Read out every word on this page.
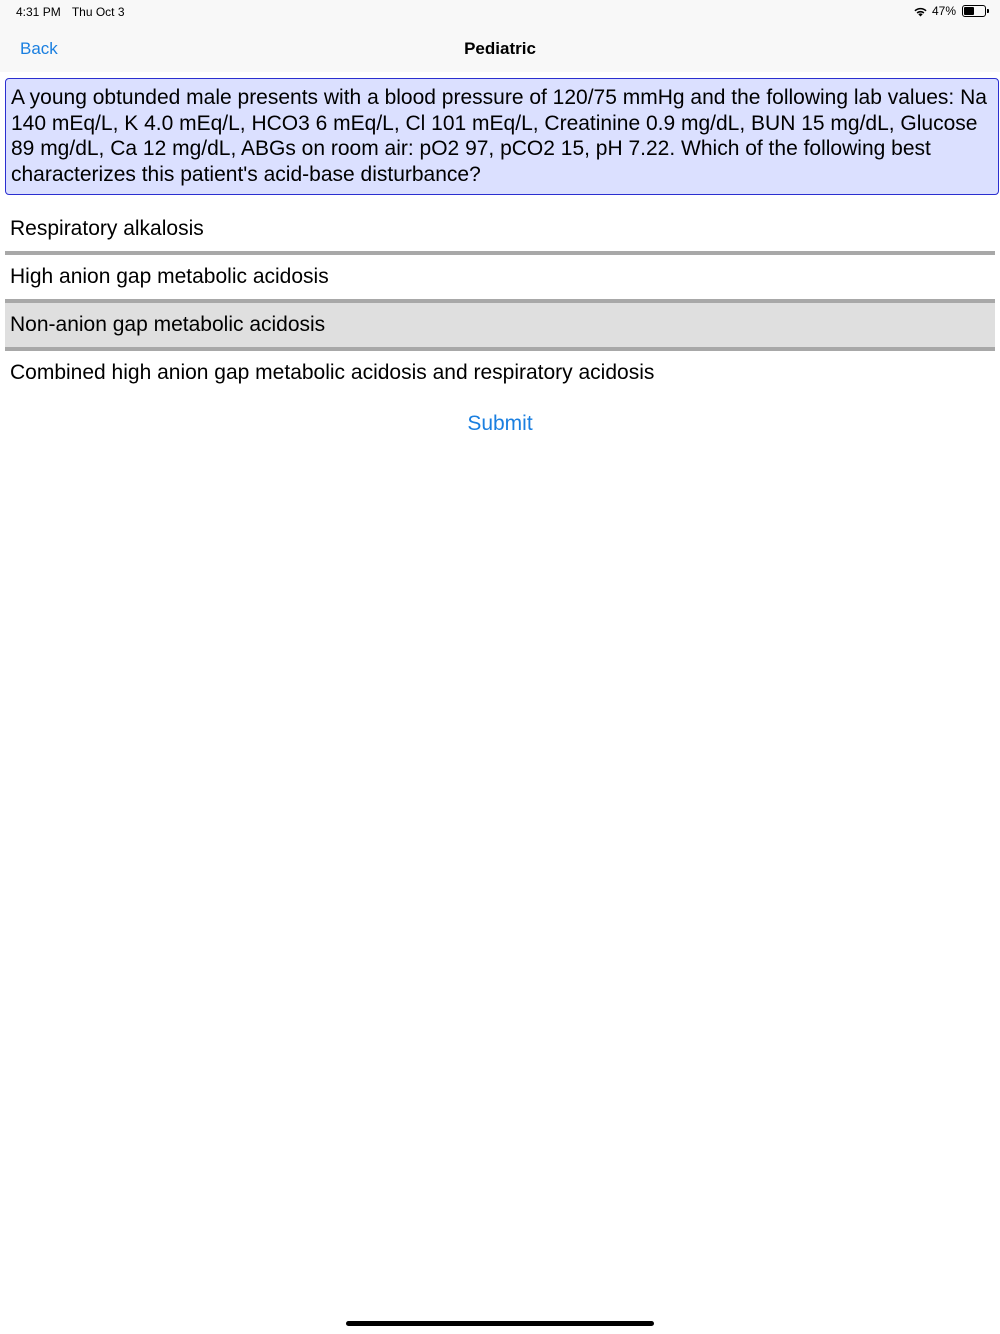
4:31 PM Thu Oct 3	47%
Back	Pediatric
A young obtunded male presents with a blood pressure of 120/75 mmHg and the following lab values: Na 140 mEq/L, K 4.0 mEq/L, HCO3 6 mEq/L, Cl 101 mEq/L, Creatinine 0.9 mg/dL, BUN 15 mg/dL, Glucose 89 mg/dL, Ca 12 mg/dL, ABGs on room air: pO2 97, pCO2 15, pH 7.22. Which of the following best characterizes this patient's acid-base disturbance?
Respiratory alkalosis
High anion gap metabolic acidosis
Non-anion gap metabolic acidosis
Combined high anion gap metabolic acidosis and respiratory acidosis
Submit
